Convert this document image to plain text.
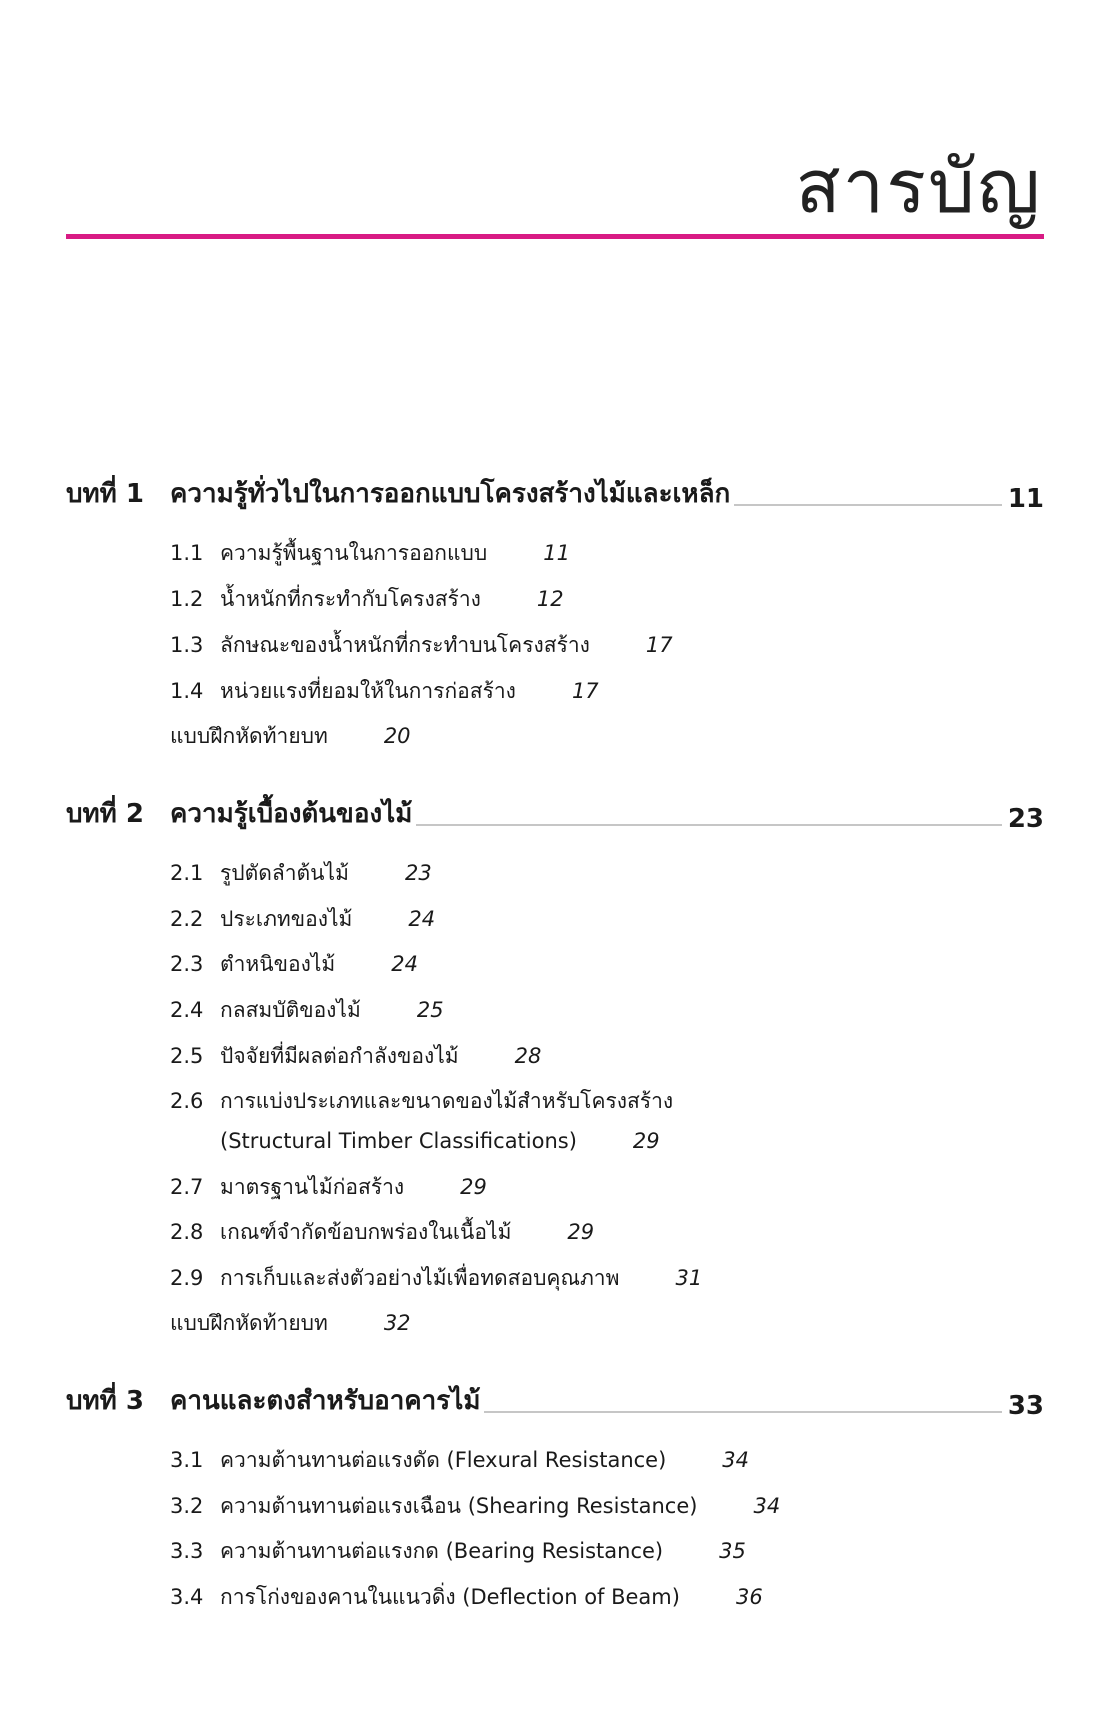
สารบัญ
บทที่ 1	ความรู้ทั่วไปในการออกแบบโครงสร้างไม้และเหล็ก	11
1.1 ความรู้พื้นฐานในการออกแบบ	11
1.2 น้ำหนักที่กระทำกับโครงสร้าง	12
1.3 ลักษณะของน้ำหนักที่กระทำบนโครงสร้าง	17
1.4 หน่วยแรงที่ยอมให้ในการก่อสร้าง	17
แบบฝึกหัดท้ายบท	20
บทที่ 2	ความรู้เบื้องต้นของไม้	23
2.1 รูปตัดลำต้นไม้	23
2.2 ประเภทของไม้	24
2.3 ตำหนิของไม้	24
2.4 กลสมบัติของไม้	25
2.5 ปัจจัยที่มีผลต่อกำลังของไม้	28
2.6 การแบ่งประเภทและขนาดของไม้สำหรับโครงสร้าง
(Structural Timber Classifications)	29
2.7 มาตรฐานไม้ก่อสร้าง	29
2.8 เกณฑ์จำกัดข้อบกพร่องในเนื้อไม้	29
2.9 การเก็บและส่งตัวอย่างไม้เพื่อทดสอบคุณภาพ	31
แบบฝึกหัดท้ายบท	32
บทที่ 3	คานและตงสำหรับอาคารไม้	33
3.1 ความต้านทานต่อแรงดัด (Flexural Resistance)	34
3.2 ความต้านทานต่อแรงเฉือน (Shearing Resistance)	34
3.3 ความต้านทานต่อแรงกด (Bearing Resistance)	35
3.4 การโก่งของคานในแนวดิ่ง (Deflection of Beam)	36
